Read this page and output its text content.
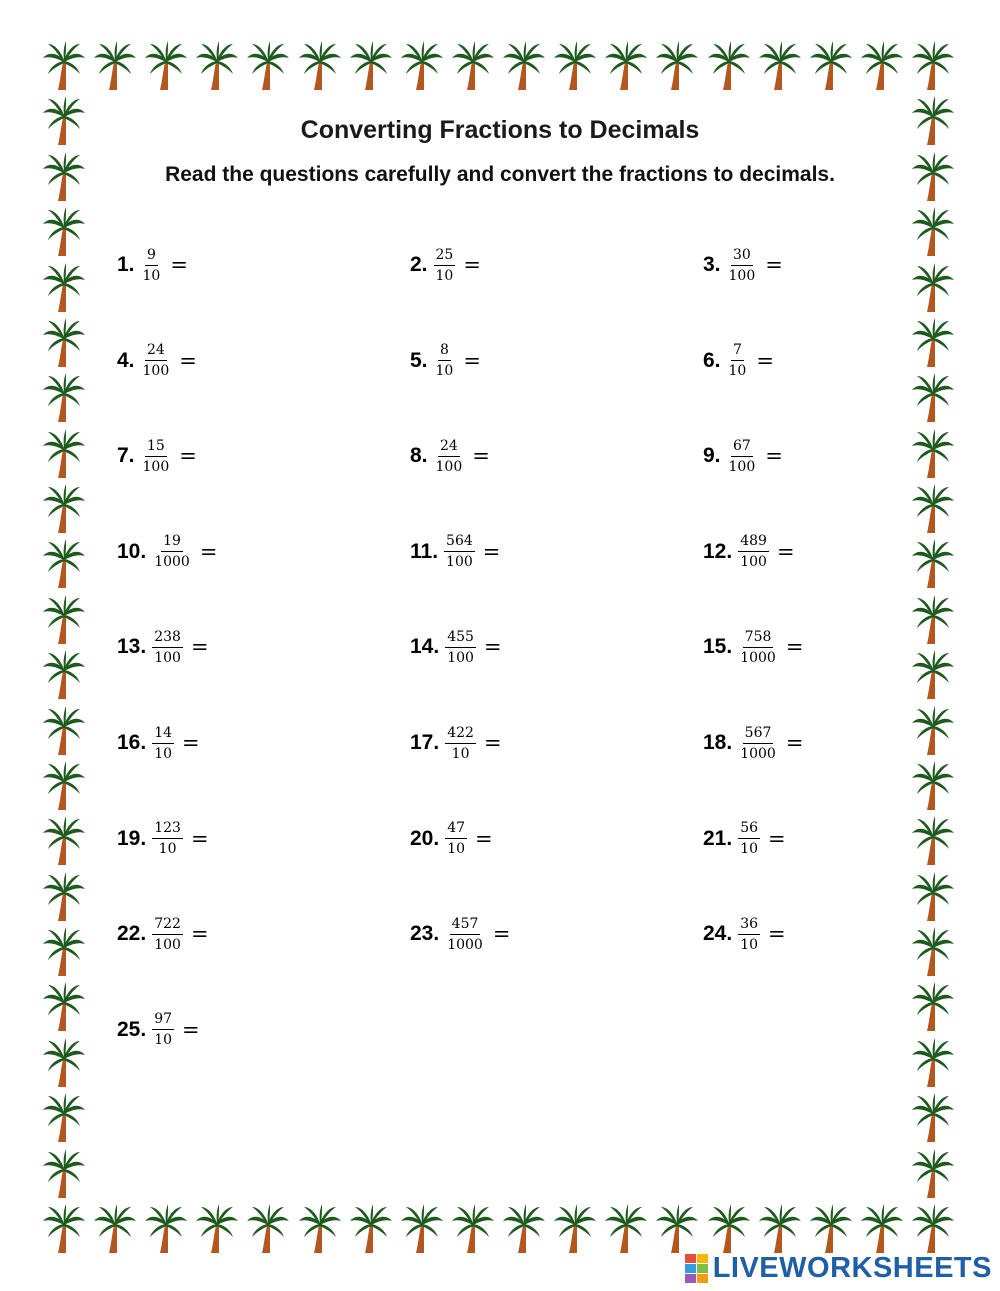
Converting Fractions to Decimals
Read the questions carefully and convert the fractions to decimals.
1. $\frac{9}{10}$ =	2. $\frac{25}{10}$ =	3. $\frac{30}{100}$ =
4. $\frac{24}{100}$ =	5. $\frac{8}{10}$ =	6. $\frac{7}{10}$ =
7. $\frac{15}{100}$ =	8. $\frac{24}{100}$ =	9. $\frac{67}{100}$ =
10. $\frac{19}{1000}$ =	11. $\frac{564}{100}$ =	12. $\frac{489}{100}$ =
13. $\frac{238}{100}$ =	14. $\frac{455}{100}$ =	15. $\frac{758}{1000}$ =
16. $\frac{14}{10}$ =	17. $\frac{422}{10}$ =	18. $\frac{567}{1000}$ =
19. $\frac{123}{10}$ =	20. $\frac{47}{10}$ =	21. $\frac{56}{10}$ =
22. $\frac{722}{100}$ =	23. $\frac{457}{1000}$ =	24. $\frac{36}{10}$ =
25. $\frac{97}{10}$ =
LIVEWORKSHEETS
